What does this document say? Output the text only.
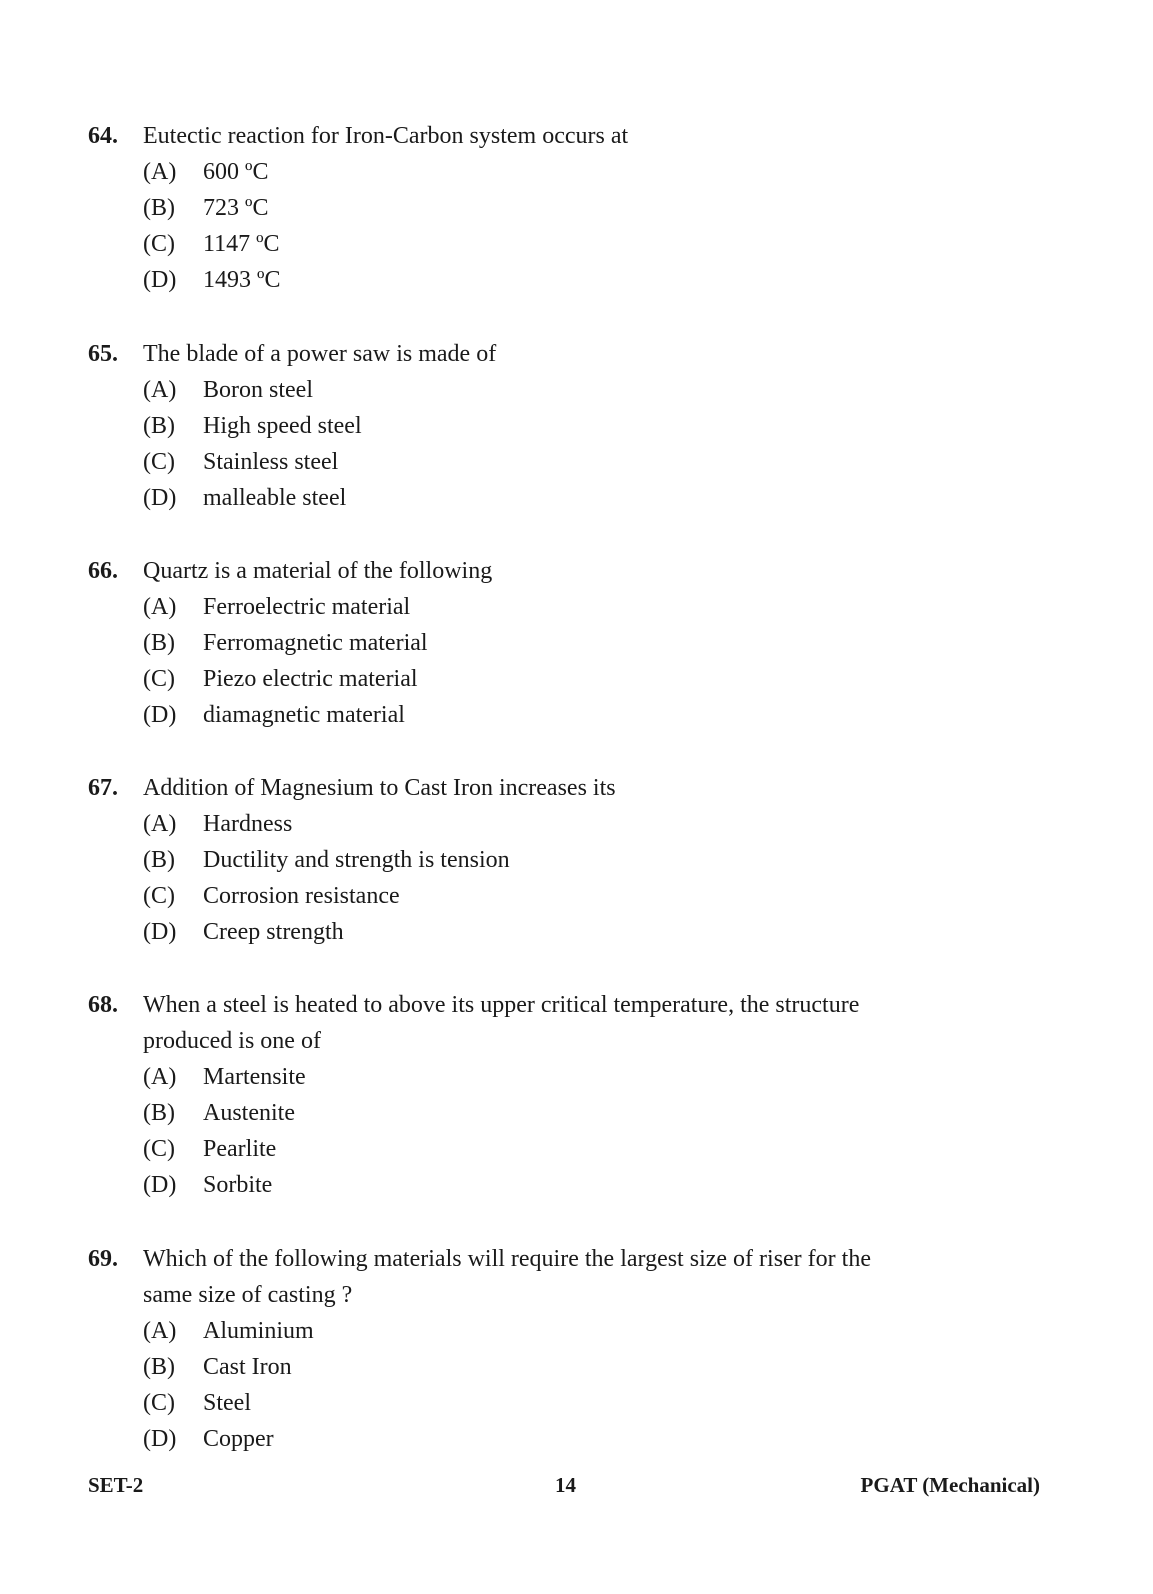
64.	Eutectic reaction for Iron-Carbon system occurs at
(A)	600 ºC
(B)	723 ºC
(C)	1147 ºC
(D)	1493 ºC
65.	The blade of a power saw is made of
(A)	Boron steel
(B)	High speed steel
(C)	Stainless steel
(D)	malleable steel
66.	Quartz is a material of the following
(A)	Ferroelectric material
(B)	Ferromagnetic material
(C)	Piezo electric material
(D)	diamagnetic material
67.	Addition of Magnesium to Cast Iron increases its
(A)	Hardness
(B)	Ductility and strength is tension
(C)	Corrosion resistance
(D)	Creep strength
68.	When a steel is heated to above its upper critical temperature, the structure produced is one of
(A)	Martensite
(B)	Austenite
(C)	Pearlite
(D)	Sorbite
69.	Which of the following materials will require the largest size of riser for the same size of casting ?
(A)	Aluminium
(B)	Cast Iron
(C)	Steel
(D)	Copper
SET-2	14	PGAT (Mechanical)
